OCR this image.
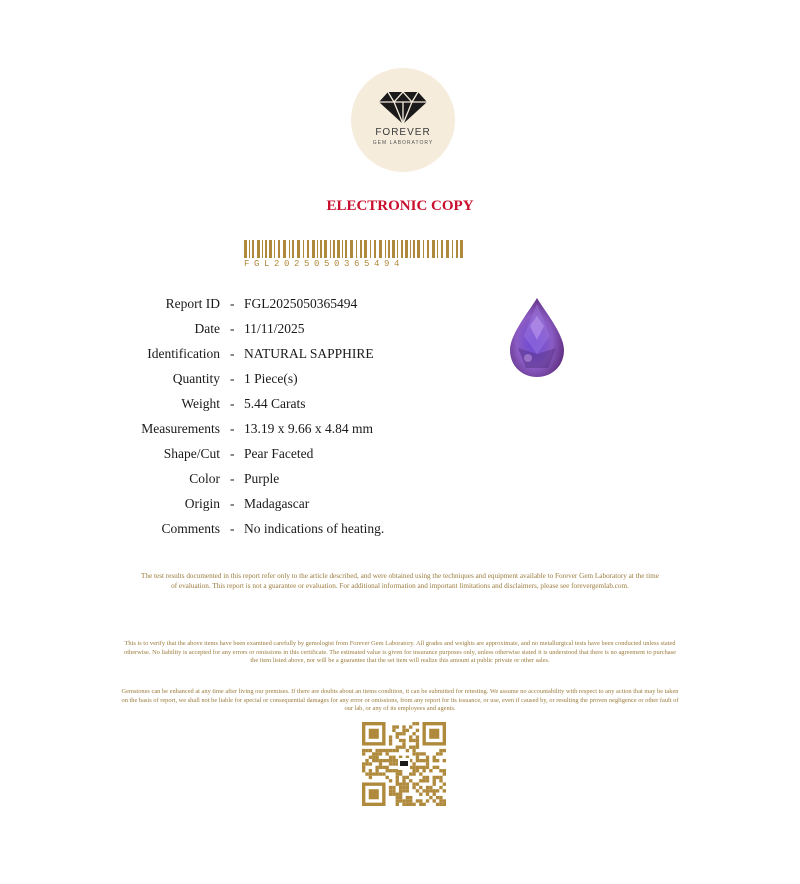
FOREVER
GEM LABORATORY
ELECTRONIC COPY
FGL2025050365494
Report ID - FGL2025050365494
Date - 11/11/2025
Identification - NATURAL SAPPHIRE
Quantity - 1 Piece(s)
Weight - 5.44 Carats
Measurements - 13.19 x 9.66 x 4.84 mm
Shape/Cut - Pear Faceted
Color - Purple
Origin - Madagascar
Comments - No indications of heating.
The test results documented in this report refer only to the article described, and were obtained using the techniques and equipment available to Forever Gem Laboratory at the time of evaluation. This report is not a guarantee or evaluation. For additional information and important limitations and disclaimers, please see forevergemlab.com.
This is to verify that the above items have been examined carefully by gemologist from Forever Gem Laboratory. All grades and weights are approximate, and no metallurgical tests have been conducted unless stated otherwise. No liability is accepted for any errors or omissions in this certificate. The estimated value is given for insurance purposes only, unless otherwise stated it is understood that there is no agreement to purchase the item listed above, nor will be a guarantee that the set item will realize this amount at public private or other sales.
Gemstones can be enhanced at any time after living our premises. If there are doubts about an items condition, it can be submitted for retesting. We assume no accountability with respect to any action that may be taken on the basis of report, we shall not be liable for special or consequential damages for any error or omissions, from any report for its issuance, or use, even if caused by, or resulting the proven negligence or other fault of our lab, or any of its employees and agents.
